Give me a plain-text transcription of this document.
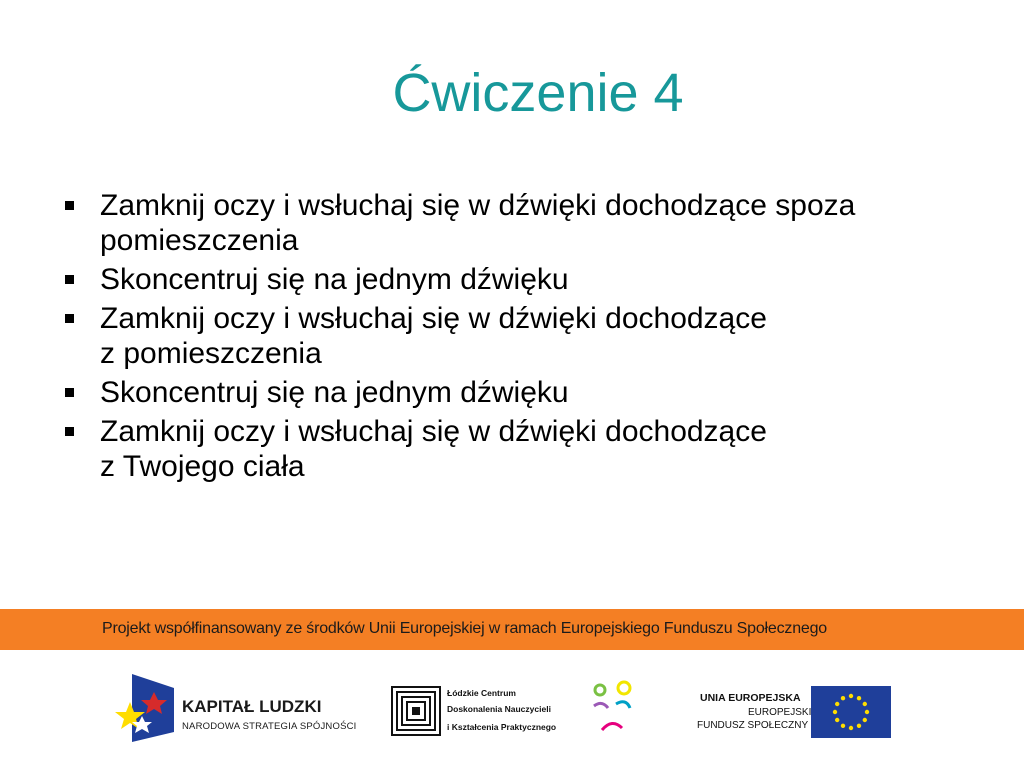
Ćwiczenie 4
Zamknij oczy i wsłuchaj się w dźwięki dochodzące spoza
pomieszczenia
Skoncentruj się na jednym dźwięku
Zamknij oczy i wsłuchaj się w dźwięki dochodzące
z pomieszczenia
Skoncentruj się na jednym dźwięku
Zamknij oczy i wsłuchaj się w dźwięki dochodzące
z Twojego ciała
Projekt współfinansowany ze środków Unii Europejskiej w ramach Europejskiego Funduszu Społecznego
KAPITAŁ LUDZKI
NARODOWA STRATEGIA SPÓJNOŚCI
Łódzkie Centrum
Doskonalenia Nauczycieli
i Kształcenia Praktycznego
UNIA EUROPEJSKA
EUROPEJSKI
FUNDUSZ SPOŁECZNY
